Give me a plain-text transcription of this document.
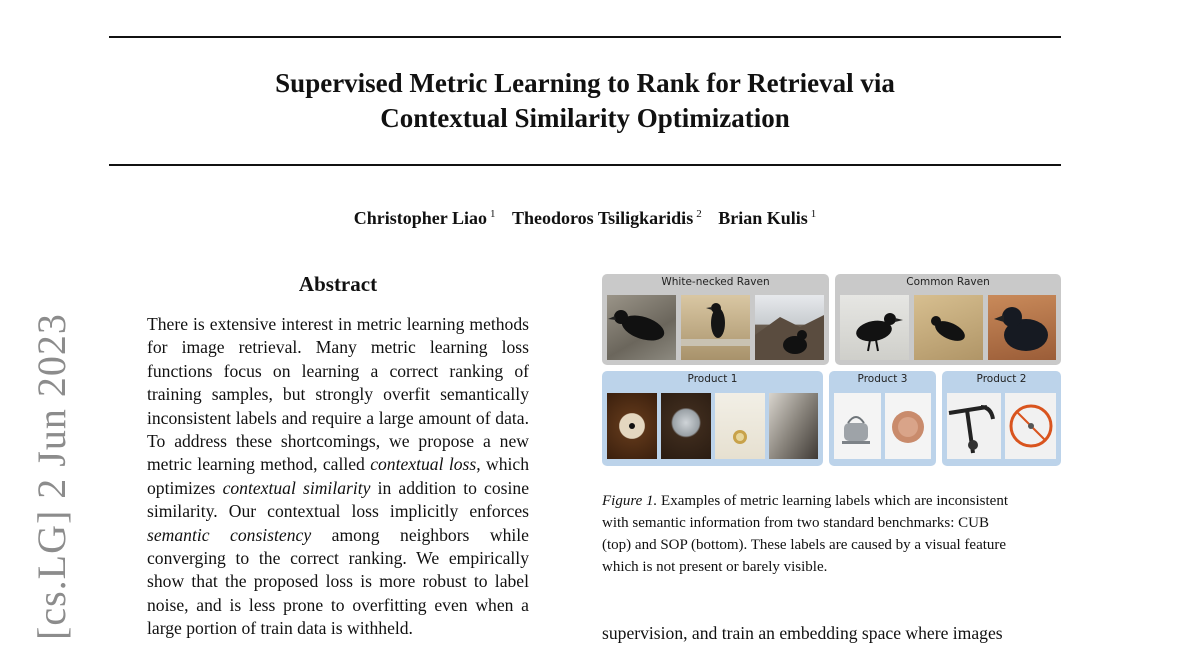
Supervised Metric Learning to Rank for Retrieval via
Contextual Similarity Optimization
Christopher Liao $^1$ Theodoros Tsiligkaridis $^2$ Brian Kulis $^1$
[cs.LG] 2 Jun 2023
Abstract
There is extensive interest in metric learning methods for image retrieval. Many metric learning loss functions focus on learning a correct ranking of training samples, but strongly overfit semantically inconsistent labels and require a large amount of data. To address these shortcomings, we propose a new metric learning method, called contextual loss, which optimizes contextual similarity in addition to cosine similarity. Our contextual loss implicitly enforces semantic consistency among neighbors while converging to the correct ranking. We empirically show that the proposed loss is more robust to label noise, and is less prone to overfitting even when a large portion of train data is withheld.
White-necked Raven	Common Raven
Product 1	Product 3	Product 2
Figure 1. Examples of metric learning labels which are inconsistent
with semantic information from two standard benchmarks: CUB
(top) and SOP (bottom). These labels are caused by a visual feature
which is not present or barely visible.
supervision, and train an embedding space where images
